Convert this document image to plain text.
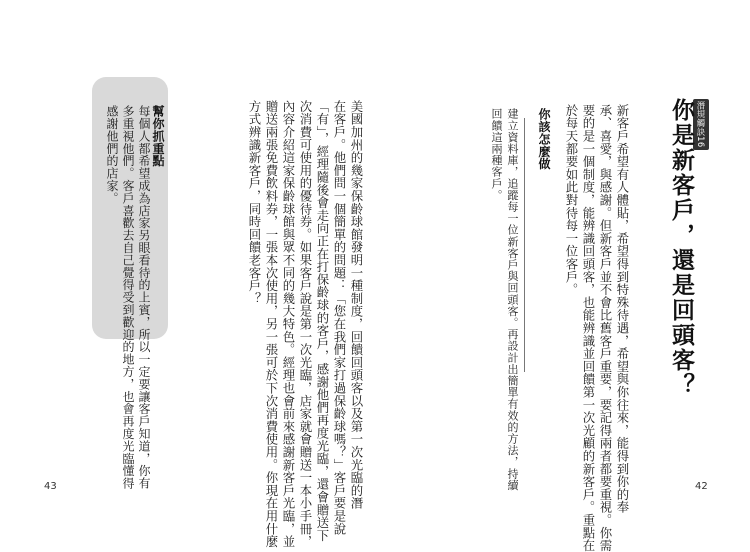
潛規觸訣16
你是新客戶，還是回頭客？

新客戶希望有人體貼，希望得到特殊待遇，希望與你往來，能得到你的奉
承、喜愛，與感謝。但新客戶並不會比舊客戶重要，要記得兩者都要重視。你需
要的是一個制度，能辨識回頭客，也能辨識並回饋第一次光顧的新客戶。重點在
於每天都要如此對待每一位客戶。

你該怎麼做

建立資料庫，追蹤每一位新客戶與回頭客。再設計出簡單有效的方法，持續
回饋這兩種客戶。

42

美國加州的幾家保齡球館發明一種制度，回饋回頭客以及第一次光臨的潛
在客戶。他們問一個簡單的問題：「您在我們家打過保齡球嗎？」客戶要是說
「有」，經理隨後會走向正在打保齡球的客戶，感謝他們再度光臨，還會贈送下
次消費可使用的優待券。如果客戶說是第一次光臨，店家就會贈送一本小手冊，
內容介紹這家保齡球館與眾不同的幾大特色。經理也會前來感謝新客戶光臨，並
贈送兩張免費飲料券，一張本次使用，另一張可於下次消費使用。你現在用什麼
方式辨識新客戶，同時回饋老客戶？

幫你抓重點

每個人都希望成為店家另眼看待的上賓，所以一定要讓客戶知道，你有
多重視他們。客戶喜歡去自己覺得受到歡迎的地方，也會再度光臨懂得
感謝他們的店家。

43
